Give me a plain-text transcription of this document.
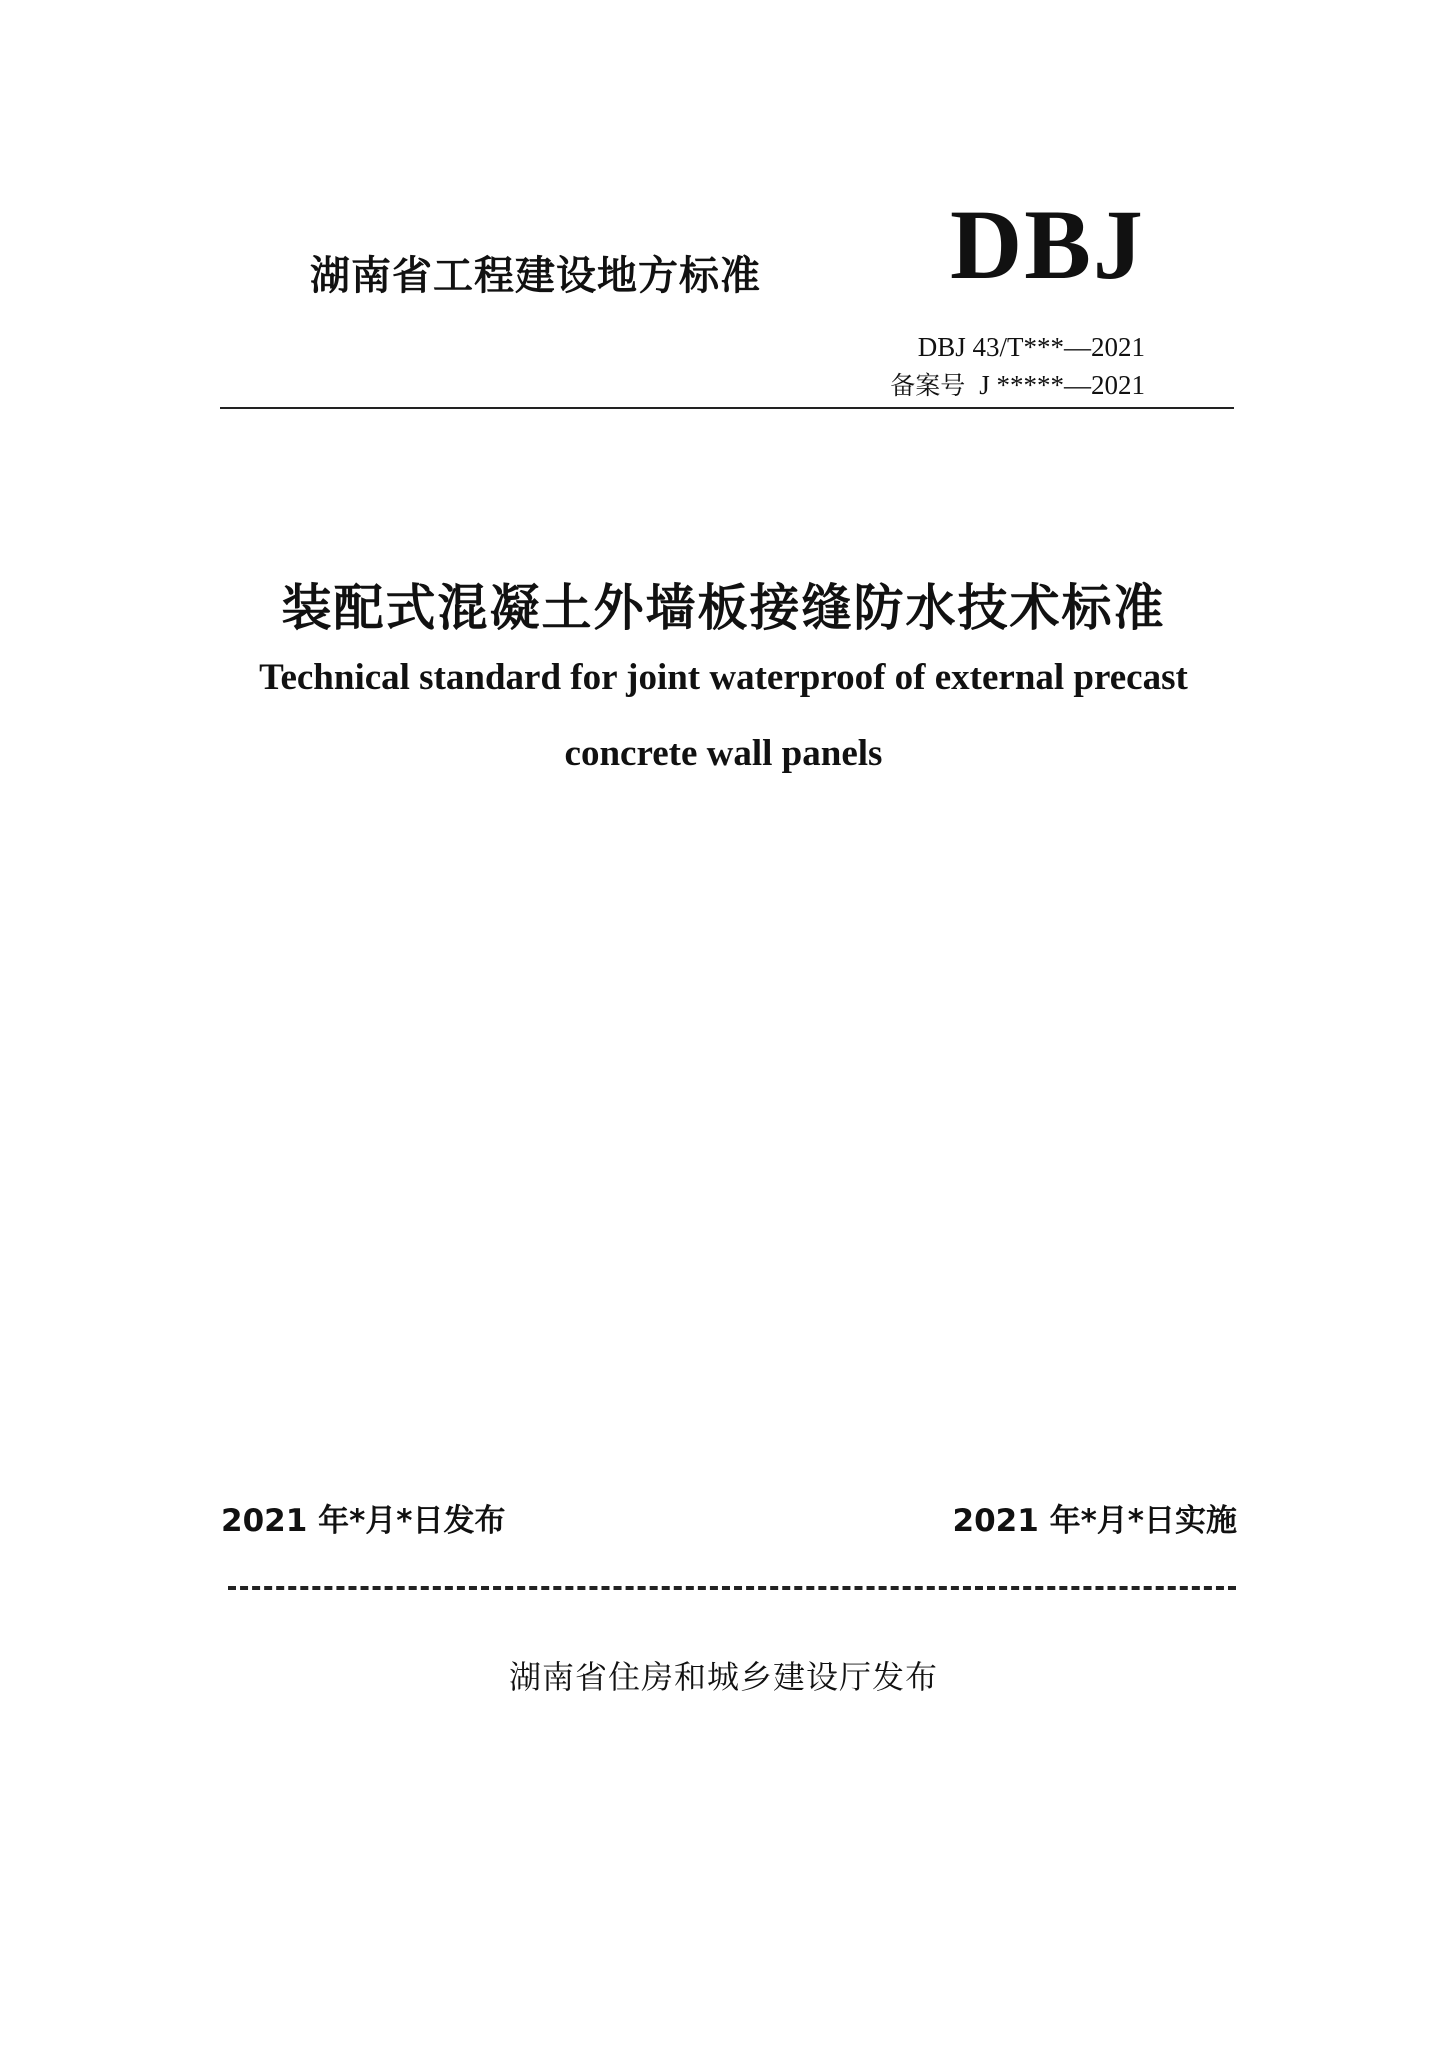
湖南省工程建设地方标准 DBJ
DBJ 43/T***—2021
备案号 J *****—2021
装配式混凝土外墙板接缝防水技术标准
Technical standard for joint waterproof of external precast
concrete wall panels
2021 年*月*日发布	2021 年*月*日实施
湖南省住房和城乡建设厅发布
